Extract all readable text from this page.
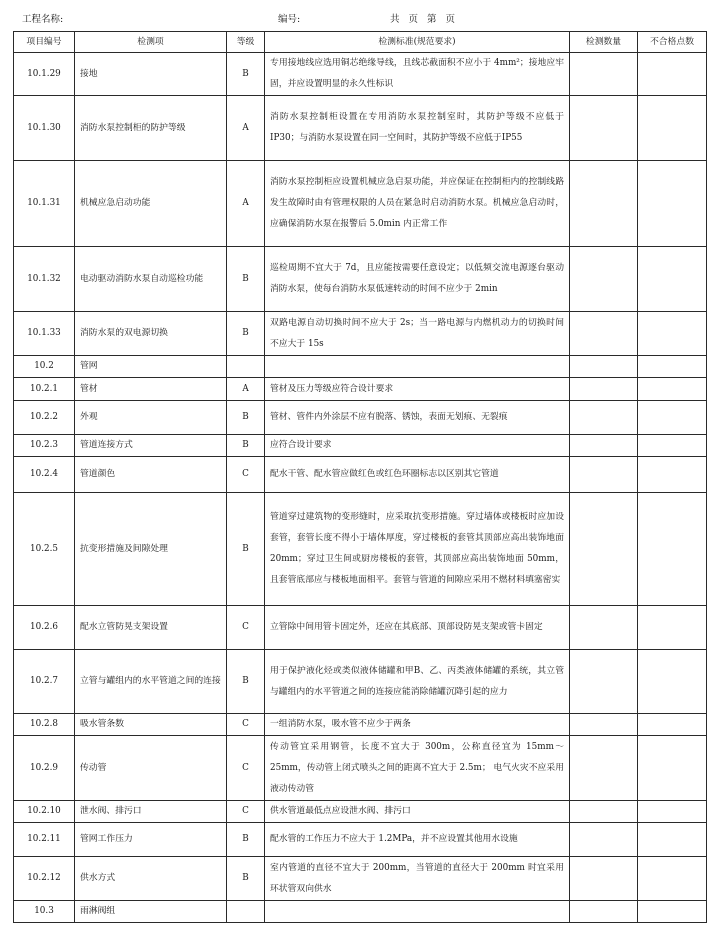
工程名称:	编号:	共 页 第 页
项目编号	检测项	等级	检测标准(规范要求)	检测数量	不合格点数
10.1.29	接地	B	专用接地线应选用铜芯绝缘导线，且线芯截面积不应小于 4mm²；接地应牢固，并应设置明显的永久性标识		
10.1.30	消防水泵控制柜的防护等级	A	消防水泵控制柜设置在专用消防水泵控制室时，其防护等级不应低于 IP30；与消防水泵设置在同一空间时，其防护等级不应低于IP55		
10.1.31	机械应急启动功能	A	消防水泵控制柜应设置机械应急启泵功能，并应保证在控制柜内的控制线路发生故障时由有管理权限的人员在紧急时启动消防水泵。机械应急启动时，应确保消防水泵在报警后 5.0min 内正常工作		
10.1.32	电动驱动消防水泵自动巡检功能	B	巡检周期不宜大于 7d，且应能按需要任意设定；以低频交流电源逐台驱动消防水泵，使每台消防水泵低速转动的时间不应少于 2min		
10.1.33	消防水泵的双电源切换	B	双路电源自动切换时间不应大于 2s；当一路电源与内燃机动力的切换时间不应大于 15s		
10.2	管网				
10.2.1	管材	A	管材及压力等级应符合设计要求		
10.2.2	外观	B	管材、管件内外涂层不应有脱落、锈蚀，表面无划痕、无裂痕		
10.2.3	管道连接方式	B	应符合设计要求		
10.2.4	管道颜色	C	配水干管、配水管应做红色或红色环圈标志以区别其它管道		
10.2.5	抗变形措施及间隙处理	B	管道穿过建筑物的变形缝时，应采取抗变形措施。穿过墙体或楼板时应加设套管，套管长度不得小于墙体厚度，穿过楼板的套管其顶部应高出装饰地面 20mm；穿过卫生间或厨房楼板的套管，其顶部应高出装饰地面 50mm，且套管底部应与楼板地面相平。套管与管道的间隙应采用不燃材料填塞密实		
10.2.6	配水立管防晃支架设置	C	立管除中间用管卡固定外，还应在其底部、顶部设防晃支架或管卡固定		
10.2.7	立管与罐组内的水平管道之间的连接	B	用于保护液化烃或类似液体储罐和甲B、乙、丙类液体储罐的系统，其立管与罐组内的水平管道之间的连接应能消除储罐沉降引起的应力		
10.2.8	吸水管条数	C	一组消防水泵，吸水管不应少于两条		
10.2.9	传动管	C	传动管宜采用钢管，长度不宜大于 300m，公称直径宜为 15mm～25mm，传动管上闭式喷头之间的距离不宜大于 2.5m； 电气火灾不应采用液动传动管		
10.2.10	泄水阀、排污口	C	供水管道最低点应设泄水阀、排污口		
10.2.11	管网工作压力	B	配水管的工作压力不应大于 1.2MPa，并不应设置其他用水设施		
10.2.12	供水方式	B	室内管道的直径不宜大于 200mm，当管道的直径大于 200mm 时宜采用环状管双向供水		
10.3	雨淋阀组				
